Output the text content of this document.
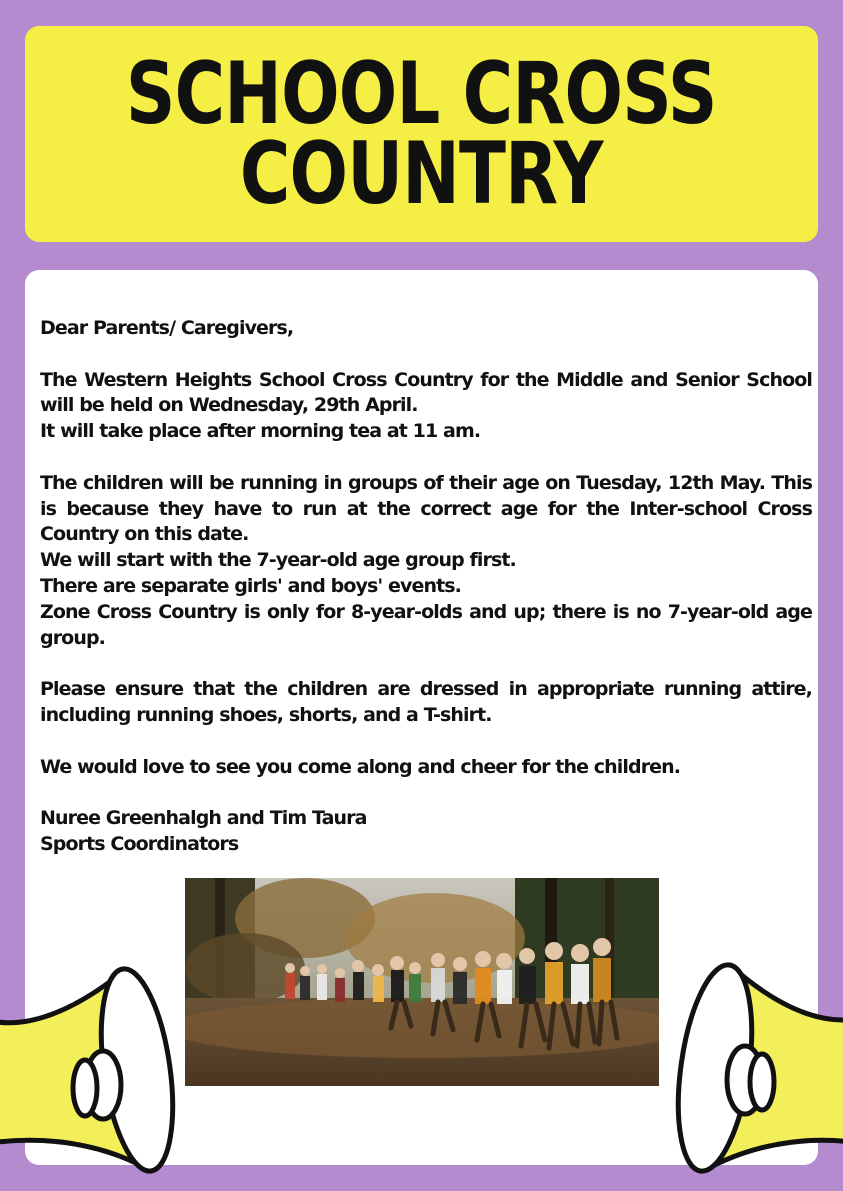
SCHOOL CROSS
COUNTRY

Dear Parents/ Caregivers,

The Western Heights School Cross Country for the Middle and Senior School will be held on Wednesday, 29th April.
It will take place after morning tea at 11 am.

The children will be running in groups of their age on Tuesday, 12th May. This is because they have to run at the correct age for the Inter-school Cross Country on this date.
We will start with the 7-year-old age group first.
There are separate girls' and boys' events.
Zone Cross Country is only for 8-year-olds and up; there is no 7-year-old age group.

Please ensure that the children are dressed in appropriate running attire, including running shoes, shorts, and a T-shirt.

We would love to see you come along and cheer for the children.

Nuree Greenhalgh and Tim Taura
Sports Coordinators
